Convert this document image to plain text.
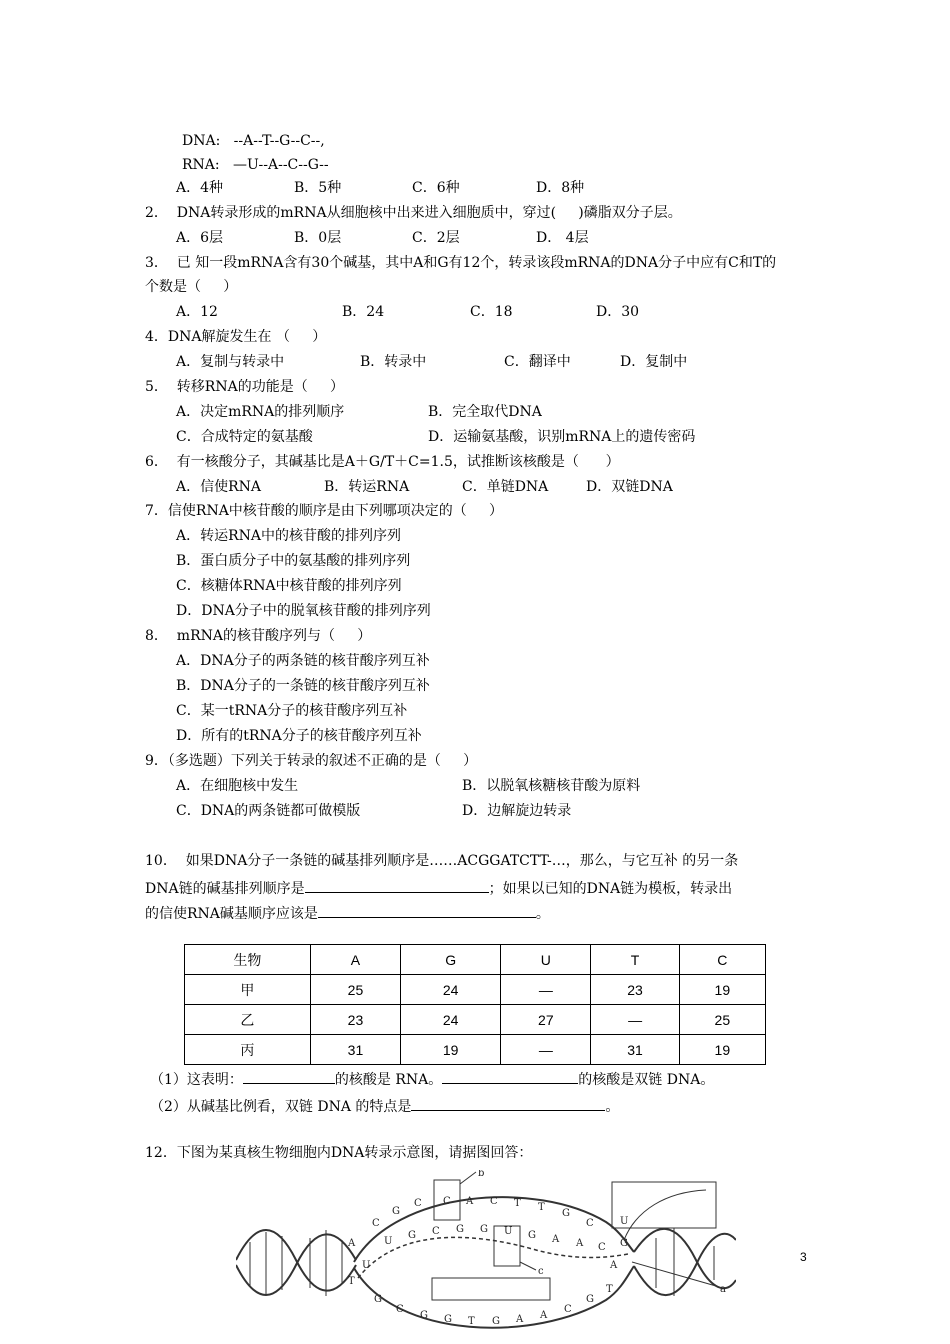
DNA:   --A--T--G--C--,
RNA:   —U--A--C--G--
A．4种	B．5种	C．6种	D．8种
2．  DNA转录形成的mRNA从细胞核中出来进入细胞质中，穿过(     )磷脂双分子层。
A．6层	B．0层	C．2层	D． 4层
3．  已 知一段mRNA含有30个碱基，其中A和G有12个，转录该段mRNA的DNA分子中应有C和T的
个数是（     ）
A．12	B．24	C．18	D．30
4．DNA解旋发生在 （     ）
A．复制与转录中	B．转录中	C．翻译中	D．复制中
5．  转移RNA的功能是（     ）
A．决定mRNA的排列顺序	B．完全取代DNA
C．合成特定的氨基酸	D．运输氨基酸，识别mRNA上的遗传密码
6．  有一核酸分子，其碱基比是A＋G/T＋C=1.5，试推断该核酸是（      ）
A．信使RNA	B．转运RNA	C．单链DNA	D．双链DNA
7．信使RNA中核苷酸的顺序是由下列哪项决定的（     ）
A．转运RNA中的核苷酸的排列序列
B．蛋白质分子中的氨基酸的排列序列
C．核糖体RNA中核苷酸的排列序列
D．DNA分子中的脱氧核苷酸的排列序列
8．  mRNA的核苷酸序列与（     ）
A．DNA分子的两条链的核苷酸序列互补
B．DNA分子的一条链的核苷酸序列互补
C．某一tRNA分子的核苷酸序列互补
D．所有的tRNA分子的核苷酸序列互补
9．（多选题）下列关于转录的叙述不正确的是（     ）
A．在细胞核中发生	B．以脱氧核糖核苷酸为原料
C．DNA的两条链都可做模版	D．边解旋边转录
10．  如果DNA分子一条链的碱基排列顺序是……ACGGATCTT-…，那么，与它互补 的另一条
DNA链的碱基排列顺序是	；如果以已知的DNA链为模板，转录出
的信使RNA碱基顺序应该是	。
生物	A	G	U	T	C
甲	25	24	—	23	19
乙	23	24	27	—	25
丙	31	19	—	31	19
（1）这表明：	的核酸是 RNA。	的核酸是双链 DNA。
（2）从碱基比例看，双链 DNA 的特点是	。
12．下图为某真核生物细胞内DNA转录示意图，请据图回答：
b
c
a
C
G
C C A C T T
G
C
A	U
G C G G U G A A C G
T
U
U
A
G
C
G G T G A A
C
G
T
3
